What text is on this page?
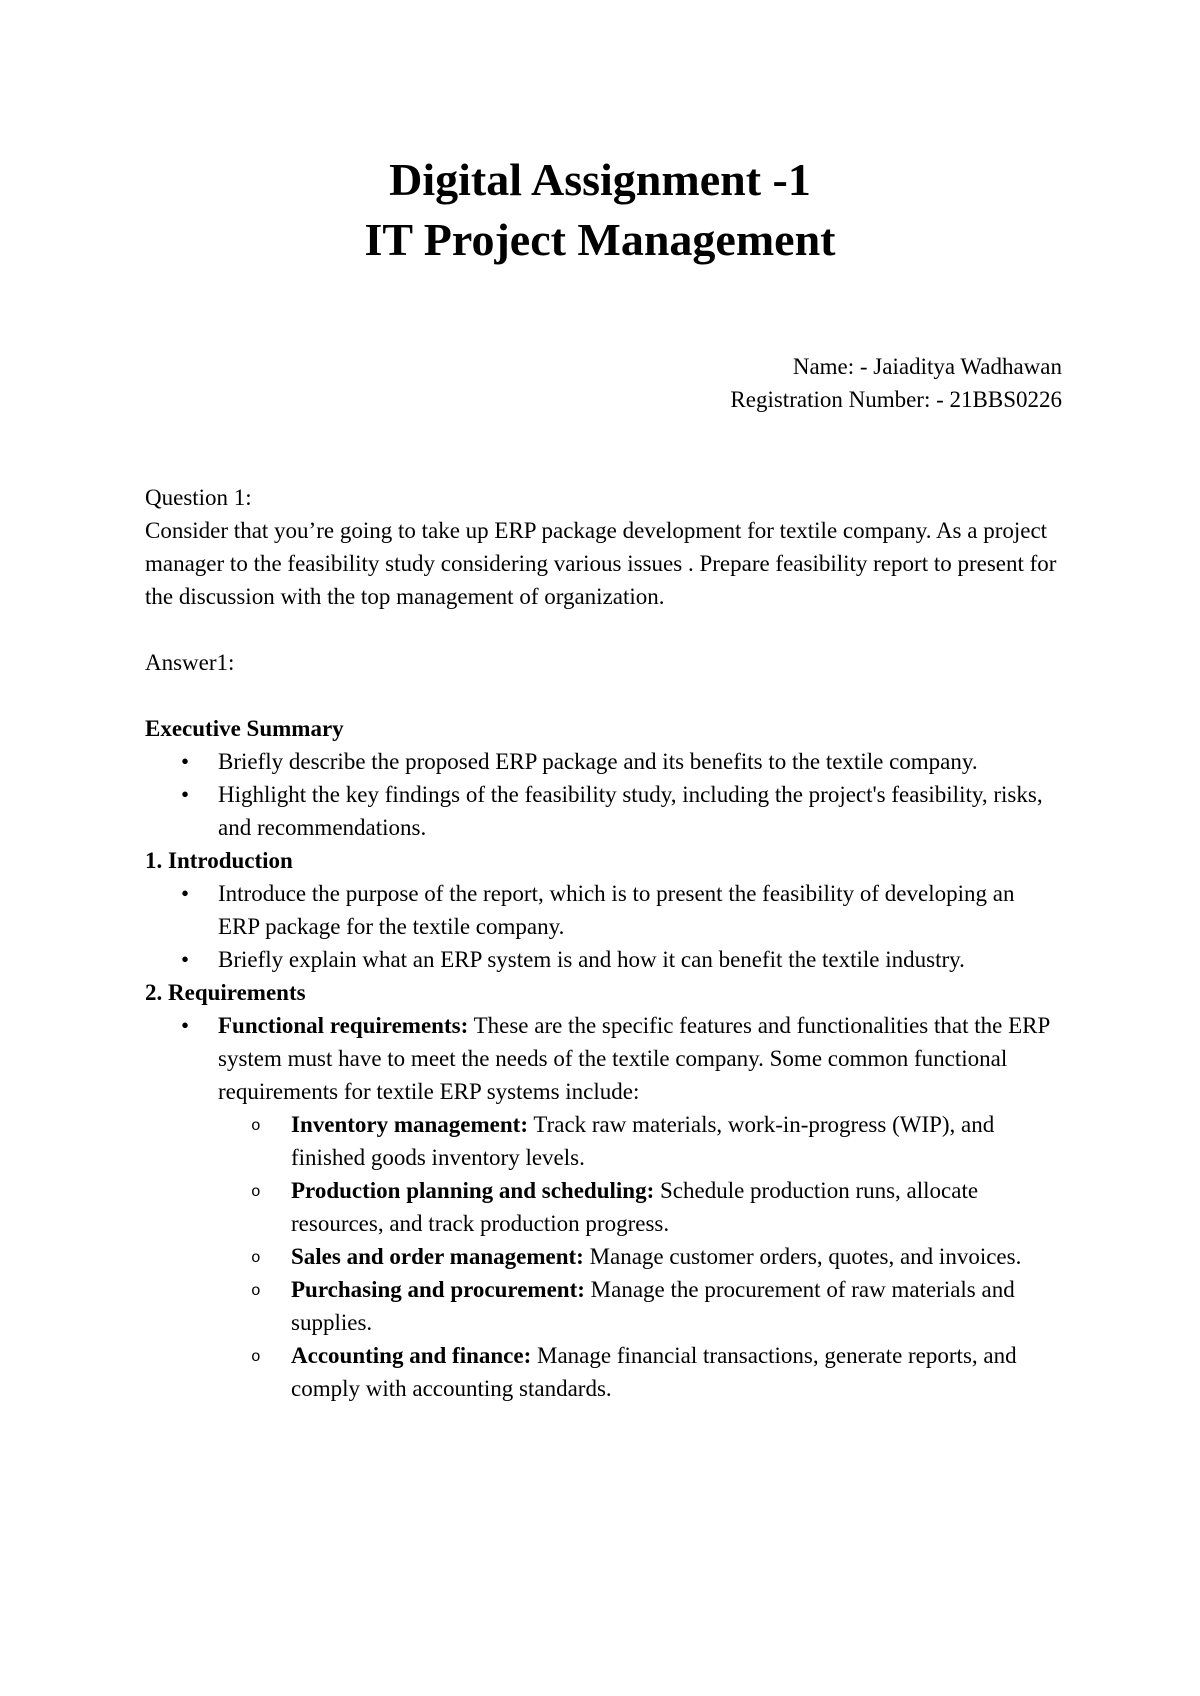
Digital Assignment -1
IT Project Management
Name: - Jaiaditya Wadhawan
Registration Number: - 21BBS0226

Question 1:

Consider that you’re going to take up ERP package development for textile company. As a project manager to the feasibility study considering various issues . Prepare feasibility report to present for the discussion with the top management of organization.

Answer1:

Executive Summary

• Briefly describe the proposed ERP package and its benefits to the textile company.
• Highlight the key findings of the feasibility study, including the project's feasibility, risks, and recommendations.

1. Introduction

• Introduce the purpose of the report, which is to present the feasibility of developing an ERP package for the textile company.
• Briefly explain what an ERP system is and how it can benefit the textile industry.

2. Requirements

• Functional requirements: These are the specific features and functionalities that the ERP system must have to meet the needs of the textile company. Some common functional requirements for textile ERP systems include:
o Inventory management: Track raw materials, work-in-progress (WIP), and finished goods inventory levels.
o Production planning and scheduling: Schedule production runs, allocate resources, and track production progress.
o Sales and order management: Manage customer orders, quotes, and invoices.
o Purchasing and procurement: Manage the procurement of raw materials and supplies.
o Accounting and finance: Manage financial transactions, generate reports, and comply with accounting standards.
